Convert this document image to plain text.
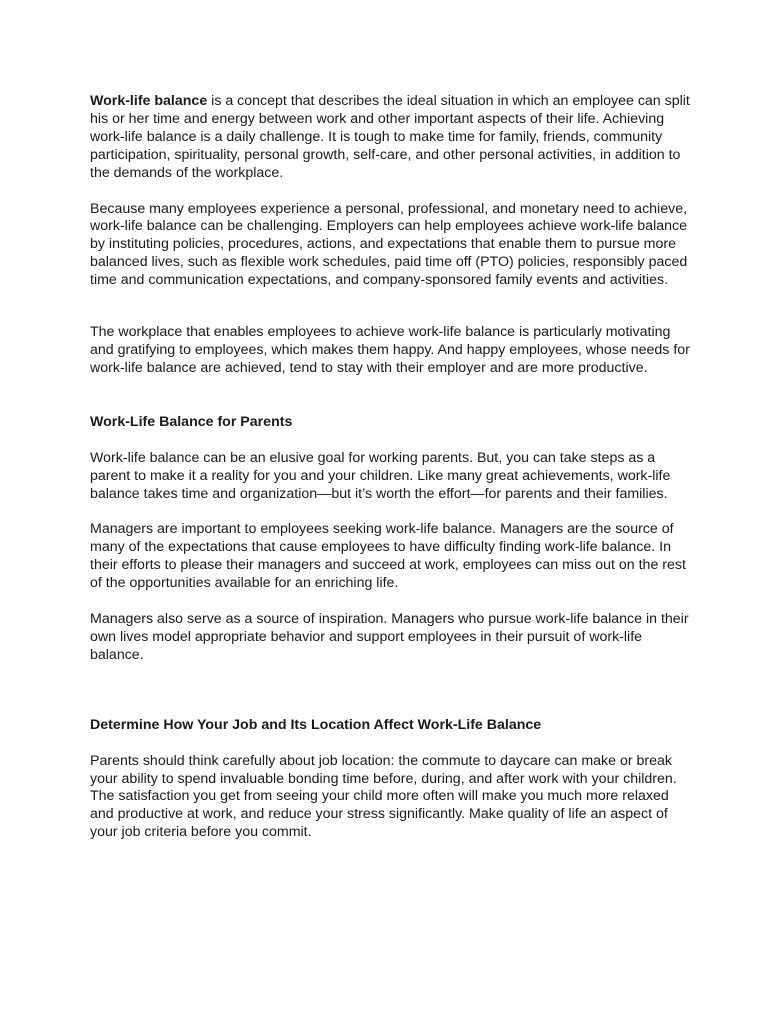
Work-life balance is a concept that describes the ideal situation in which an employee can split his or her time and energy between work and other important aspects of their life. Achieving work-life balance is a daily challenge. It is tough to make time for family, friends, community participation, spirituality, personal growth, self-care, and other personal activities, in addition to the demands of the workplace.

Because many employees experience a personal, professional, and monetary need to achieve, work-life balance can be challenging. Employers can help employees achieve work-life balance by instituting policies, procedures, actions, and expectations that enable them to pursue more balanced lives, such as flexible work schedules, paid time off (PTO) policies, responsibly paced time and communication expectations, and company-sponsored family events and activities.

The workplace that enables employees to achieve work-life balance is particularly motivating and gratifying to employees, which makes them happy. And happy employees, whose needs for work-life balance are achieved, tend to stay with their employer and are more productive.

Work-Life Balance for Parents

Work-life balance can be an elusive goal for working parents. But, you can take steps as a parent to make it a reality for you and your children. Like many great achievements, work-life balance takes time and organization—but it’s worth the effort—for parents and their families.

Managers are important to employees seeking work-life balance. Managers are the source of many of the expectations that cause employees to have difficulty finding work-life balance. In their efforts to please their managers and succeed at work, employees can miss out on the rest of the opportunities available for an enriching life.

Managers also serve as a source of inspiration. Managers who pursue work-life balance in their own lives model appropriate behavior and support employees in their pursuit of work-life balance.

Determine How Your Job and Its Location Affect Work-Life Balance

Parents should think carefully about job location: the commute to daycare can make or break your ability to spend invaluable bonding time before, during, and after work with your children. The satisfaction you get from seeing your child more often will make you much more relaxed and productive at work, and reduce your stress significantly. Make quality of life an aspect of your job criteria before you commit.
